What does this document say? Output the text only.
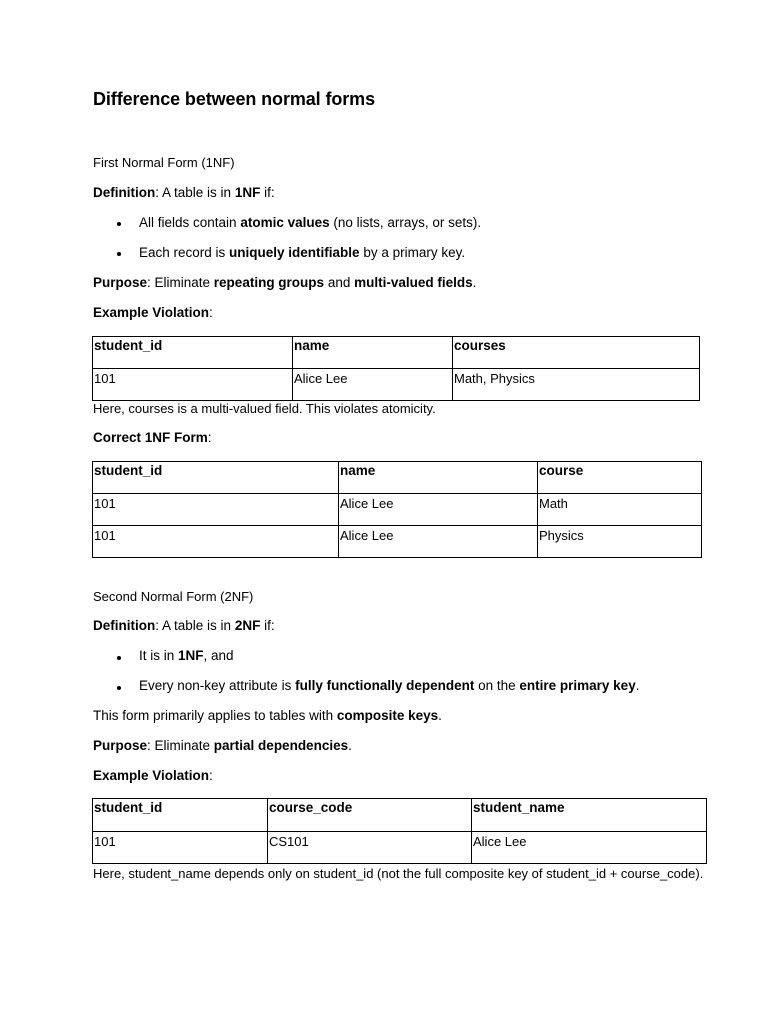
Difference between normal forms
First Normal Form (1NF)
Definition: A table is in 1NF if:
All fields contain atomic values (no lists, arrays, or sets).
Each record is uniquely identifiable by a primary key.
Purpose: Eliminate repeating groups and multi-valued fields.
Example Violation:
student_id	name	courses
101	Alice Lee	Math, Physics
Here, courses is a multi-valued field. This violates atomicity.
Correct 1NF Form:
student_id	name	course
101	Alice Lee	Math
101	Alice Lee	Physics
Second Normal Form (2NF)
Definition: A table is in 2NF if:
It is in 1NF, and
Every non-key attribute is fully functionally dependent on the entire primary key.
This form primarily applies to tables with composite keys.
Purpose: Eliminate partial dependencies.
Example Violation:
student_id	course_code	student_name
101	CS101	Alice Lee
Here, student_name depends only on student_id (not the full composite key of student_id + course_code).
